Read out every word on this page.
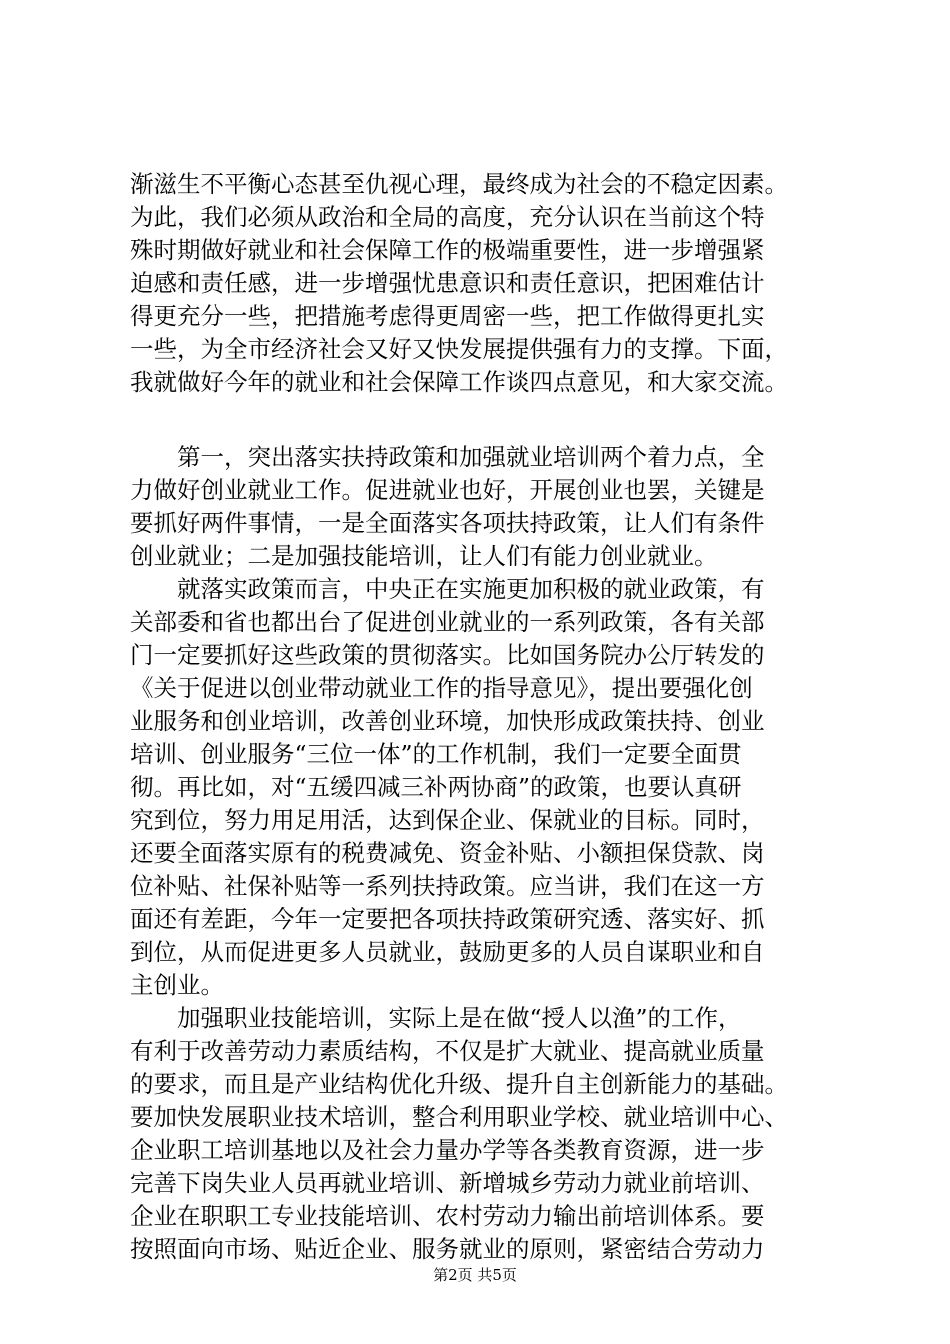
渐滋生不平衡心态甚至仇视心理，最终成为社会的不稳定因素。
为此，我们必须从政治和全局的高度，充分认识在当前这个特
殊时期做好就业和社会保障工作的极端重要性，进一步增强紧
迫感和责任感，进一步增强忧患意识和责任意识，把困难估计
得更充分一些，把措施考虑得更周密一些，把工作做得更扎实
一些，为全市经济社会又好又快发展提供强有力的支撑。下面，
我就做好今年的就业和社会保障工作谈四点意见，和大家交流。
第一，突出落实扶持政策和加强就业培训两个着力点，全
力做好创业就业工作。促进就业也好，开展创业也罢，关键是
要抓好两件事情，一是全面落实各项扶持政策，让人们有条件
创业就业；二是加强技能培训，让人们有能力创业就业。
就落实政策而言，中央正在实施更加积极的就业政策，有
关部委和省也都出台了促进创业就业的一系列政策，各有关部
门一定要抓好这些政策的贯彻落实。比如国务院办公厅转发的
《关于促进以创业带动就业工作的指导意见》，提出要强化创
业服务和创业培训，改善创业环境，加快形成政策扶持、创业
培训、创业服务“三位一体”的工作机制，我们一定要全面贯
彻。再比如，对“五缓四减三补两协商”的政策，也要认真研
究到位，努力用足用活，达到保企业、保就业的目标。同时，
还要全面落实原有的税费减免、资金补贴、小额担保贷款、岗
位补贴、社保补贴等一系列扶持政策。应当讲，我们在这一方
面还有差距，今年一定要把各项扶持政策研究透、落实好、抓
到位，从而促进更多人员就业，鼓励更多的人员自谋职业和自
主创业。
加强职业技能培训，实际上是在做“授人以渔”的工作，
有利于改善劳动力素质结构，不仅是扩大就业、提高就业质量
的要求，而且是产业结构优化升级、提升自主创新能力的基础。
要加快发展职业技术培训，整合利用职业学校、就业培训中心、
企业职工培训基地以及社会力量办学等各类教育资源，进一步
完善下岗失业人员再就业培训、新增城乡劳动力就业前培训、
企业在职职工专业技能培训、农村劳动力输出前培训体系。要
按照面向市场、贴近企业、服务就业的原则，紧密结合劳动力
第2页 共5页
